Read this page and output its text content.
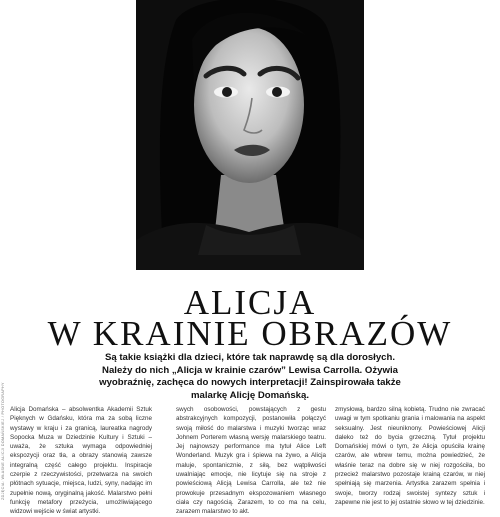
ZDJĘCIA: WŁASNE ALICJI DOMAŃSKIEJ / PHOTOGRAPHY
ALICJA
W KRAINIE OBRAZÓW

Są takie książki dla dzieci, które tak naprawdę są dla dorosłych. Należy do nich „Alicja w krainie czarów” Lewisa Carrolla. Ożywia wyobraźnię, zachęca do nowych interpretacji! Zainspirowała także malarkę Alicję Domańską.

Alicja Domańska – absolwentka Akademii Sztuk Pięknych w Gdańsku, która ma za sobą liczne wystawy w kraju i za granicą, laureatka nagrody Sopocka Muza w Dziedzinie Kultury i Sztuki – uważa, że sztuka wymaga odpowiedniej ekspozycji oraz tła, a obrazy stanowią zawsze integralną część całego projektu. Inspiracje czerpie z rzeczywistości, przetwarza na swoich płótnach sytuacje, miejsca, ludzi, syny, nadając im zupełnie nową, oryginalną jakość. Malarstwo pełni funkcję metafory przeżycia, umożliwiającego widzowi wejście w świat artystki.

swych osobowości, powstających z gestu abstrakcyjnych kompozycji, postanowiła połączyć swoją miłość do malarstwa i muzyki tworząc wraz Johnem Porterem własną wersję malarskiego teatru. Jej najnowszy performance ma tytuł Alice Left Wonderland. Muzyk gra i śpiewa na żywo, a Alicja maluje, spontanicznie, z siłą, bez wątpliwości uwalniając emocje, nie licytuje się na stroje z powieściową Alicją Lewisa Carrolla, ale też nie prowokuje przesadnym ekspozowaniem własnego ciała czy nagością. Zarazem, to co ma na celu, zarazem malarstwo to akt.

zmysłową, bardzo silną kobietą. Trudno nie zwracać uwagi w tym spotkaniu grania i malowania na aspekt seksualny. Jest nieuniknony. Powieściowej Alicji daleko też do bycia grzeczną. Tytuł projektu Domańskiej mówi o tym, że Alicja opuściła krainę czarów, ale wbrew temu, można powiedzieć, że właśnie teraz na dobre się w niej rozgościła, bo przecież malarstwo pozostaje krainą czarów, w niej spełniają się marzenia. Artystka zarazem spełnia i swoje, tworzy rodzaj swoistej syntezy sztuk i zapewne nie jest to jej ostatnie słowo w tej dziedzinie.
